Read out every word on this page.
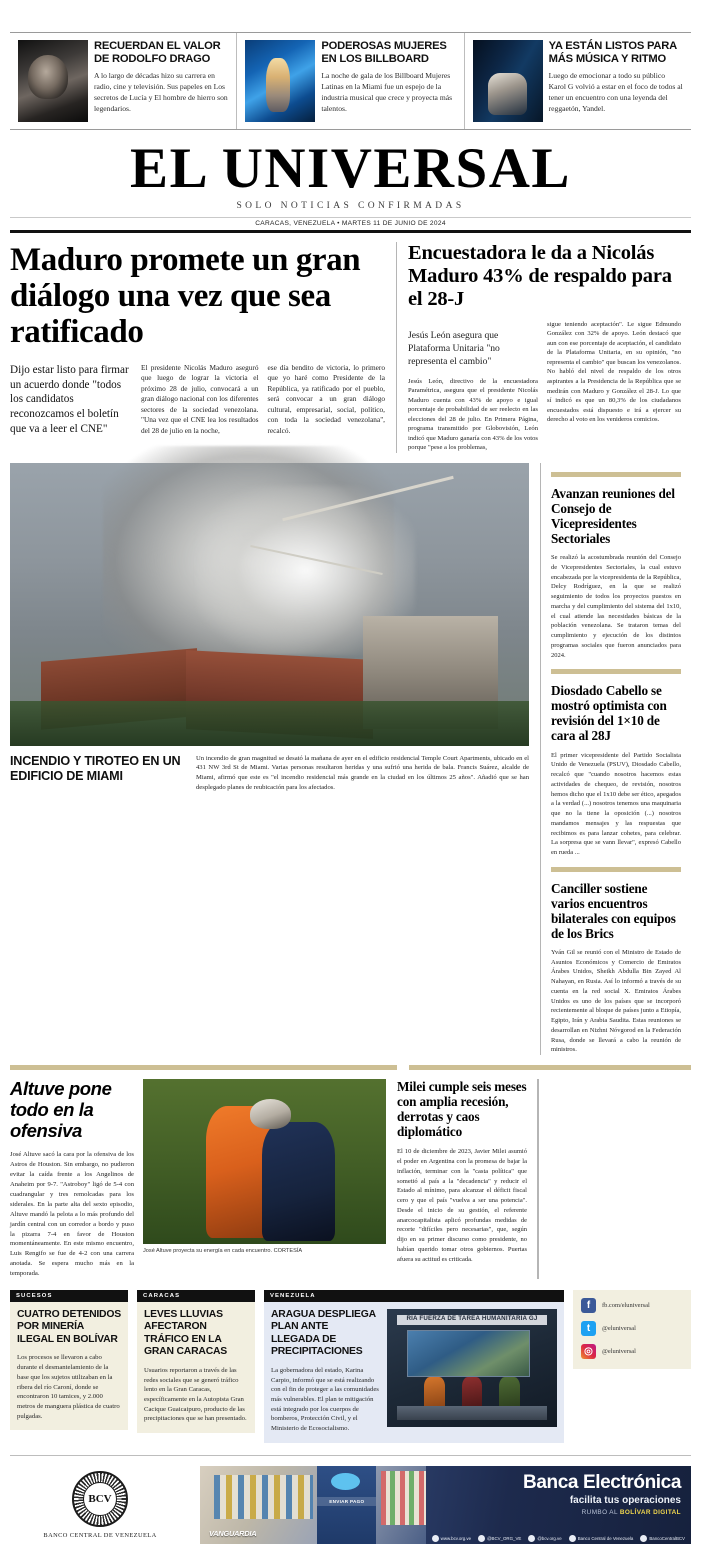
RECUERDAN EL VALOR DE RODOLFO DRAGO
A lo largo de décadas hizo su carrera en radio, cine y televisión. Sus papeles en Los secretos de Lucía y El hombre de hierro son legendarios.
PODEROSAS MUJERES EN LOS BILLBOARD
La noche de gala de los Billboard Mujeres Latinas en la Miami fue un espejo de la industria musical que crece y proyecta más talentos.
YA ESTÁN LISTOS PARA MÁS MÚSICA Y RITMO
Luego de emocionar a todo su público Karol G volvió a estar en el foco de todos al tener un encuentro con una leyenda del reggaetón, Yandel.
EL UNIVERSAL
SOLO NOTICIAS CONFIRMADAS
CARACAS, VENEZUELA • MARTES 11 DE JUNIO DE 2024
Maduro promete un gran diálogo una vez que sea ratificado
Dijo estar listo para firmar un acuerdo donde "todos los candidatos reconozcamos el boletín que va a leer el CNE"
El presidente Nicolás Maduro aseguró que luego de lograr la victoria el próximo 28 de julio, convocará a un gran diálogo nacional con los diferentes sectores de la sociedad venezolana. "Una vez que el CNE lea los resultados del 28 de julio en la noche,
ese día bendito de victoria, lo primero que yo haré como Presidente de la República, ya ratificado por el pueblo, será convocar a un gran diálogo cultural, empresarial, social, político, con toda la sociedad venezolana", recalcó.
Encuestadora le da a Nicolás Maduro 43% de respaldo para el 28-J
Jesús León asegura que Plataforma Unitaria "no representa el cambio"
Jesús León, directivo de la encuestadora Paramétrica, asegura que el presidente Nicolás Maduro cuenta con 43% de apoyo e igual porcentaje de probabilidad de ser reelecto en las elecciones del 28 de julio. En Primera Página, programa transmitido por Globovisión, León indicó que Maduro ganaría con 43% de los votos porque "pese a los problemas,
sigue teniendo aceptación". Le sigue Edmundo González con 32% de apoyo. León destacó que aun con ese porcentaje de aceptación, el candidato de la Plataforma Unitaria, en su opinión, "no representa el cambio" que buscan los venezolanos. No habló del nivel de respaldo de los otros aspirantes a la Presidencia de la República que se medirán con Maduro y González el 28-J. Lo que sí indicó es que un 80,3% de los ciudadanos encuestados está dispuesto e irá a ejercer su derecho al voto en los venideros comicios.
INCENDIO Y TIROTEO EN UN EDIFICIO DE MIAMI
Un incendio de gran magnitud se desató la mañana de ayer en el edificio residencial Temple Court Apartments, ubicado en el 431 NW 3rd St de Miami. Varias personas resultaron heridas y una sufrió una herida de bala. Francis Suárez, alcalde de Miami, afirmó que este es "el incendio residencial más grande en la ciudad en los últimos 25 años". Añadió que se han desplegado planes de reubicación para los afectados.
Avanzan reuniones del Consejo de Vicepresidentes Sectoriales
Se realizó la acostumbrada reunión del Consejo de Vicepresidentes Sectoriales, la cual estuvo encabezada por la vicepresidenta de la República, Delcy Rodríguez, en la que se realizó seguimiento de todos los proyectos puestos en marcha y del cumplimiento del sistema del 1x10, el cual atiende las necesidades básicas de la población venezolana. Se trataron temas del cumplimiento y ejecución de los distintos programas sociales que fueron anunciados para 2024.
Diosdado Cabello se mostró optimista con revisión del 1×10 de cara al 28J
El primer vicepresidente del Partido Socialista Unido de Venezuela (PSUV), Diosdado Cabello, recalcó que "cuando nosotros hacemos estas actividades de chequeo, de revisión, nosotros hemos dicho que el 1x10 debe ser ético, apegados a la verdad (...) nosotros tenemos una maquinaria que no la tiene la oposición (...) nosotros mandamos mensajes y las respuestas que recibimos es para lanzar cohetes, para celebrar. La sorpresa que se vann llevar", expresó Cabello en rueda ...
Canciller sostiene varios encuentros bilaterales con equipos de los Brics
Yván Gil se reunió con el Ministro de Estado de Asuntos Económicos y Comercio de Emiratos Árabes Unidos, Sheikh Abdulla Bin Zayed Al Nahayan, en Rusia. Así lo informó a través de su cuenta en la red social X. Emiratos Árabes Unidos es uno de los países que se incorporó recientemente al bloque de países junto a Etiopía, Egipto, Irán y Arabia Saudita. Estas reuniones se desarrollan en Nizhni Nóvgorod en la Federación Rusa, donde se llevará a cabo la reunión de ministros.
Altuve pone todo en la ofensiva
José Altuve sacó la cara por la ofensiva de los Astros de Houston. Sin embargo, no pudieron evitar la caída frente a los Angelinos de Anaheim por 9-7. "Astroboy" ligó de 5-4 con cuadrangular y tres remolcadas para los siderales. En la parte alta del sexto episodio, Altuve mandó la pelota a lo más profundo del jardín central con un corredor a bordo y puso la pizarra 7-4 en favor de Houston momentáneamente. En este mismo encuentro, Luis Rengifo se fue de 4-2 con una carrera anotada. Se espera mucho más en la temporada.
José Altuve proyecta su energía en cada encuentro. CORTESÍA
Milei cumple seis meses con amplia recesión, derrotas y caos diplomático
El 10 de diciembre de 2023, Javier Milei asumió el poder en Argentina con la promesa de bajar la inflación, terminar con la "casta política" que sometió al país a la "decadencia" y reducir el Estado al mínimo, para alcanzar el déficit fiscal cero y que el país "vuelva a ser una potencia". Desde el inicio de su gestión, el referente anarcocapitalista aplicó profundas medidas de recorte "difíciles pero necesarias", que, según dijo en su primer discurso como presidente, no habían querido tomar otros gobiernos. Puertas afuera su actitud es criticada.
SUCESOS
CUATRO DETENIDOS POR MINERÍA ILEGAL EN BOLÍVAR
Los procesos se llevaron a cabo durante el desmantelamiento de la base que los sujetos utilizaban en la ribera del río Caroní, donde se encontraron 10 tamices, y 2.000 metros de manguera plástica de cuatro pulgadas.
CARACAS
LEVES LLUVIAS AFECTARON TRÁFICO EN LA GRAN CARACAS
Usuarios reportaron a través de las redes sociales que se generó tráfico lento en la Gran Caracas, específicamente en la Autopista Gran Cacique Guaicaipuro, producto de las precipitaciones que se han presentado.
VENEZUELA
ARAGUA DESPLIEGA PLAN ANTE LLEGADA DE PRECIPITACIONES
La gobernadora del estado, Karina Carpio, informó que se está realizando con el fin de proteger a las comunidades más vulnerables. El plan te mitigación está integrado por los cuerpos de bomberos, Protección Civil, y el Ministerio de Ecosocialismo.
RIA FUERZA DE TAREA HUMANITARIA GJ
f	fb.com/eluniversal
t	@eluniversal
◎	@eluniversal
BCV
BANCO CENTRAL DE VENEZUELA
ENVIAR PAGO
VANGUARDIA
Banca Electrónica
facilita tus operaciones
RUMBO AL BOLÍVAR DIGITAL
www.bcv.org.ve	@BCV_ORG_VE	@bcv.org.ve	Banco Central de Venezuela	BancoCentralBCV
